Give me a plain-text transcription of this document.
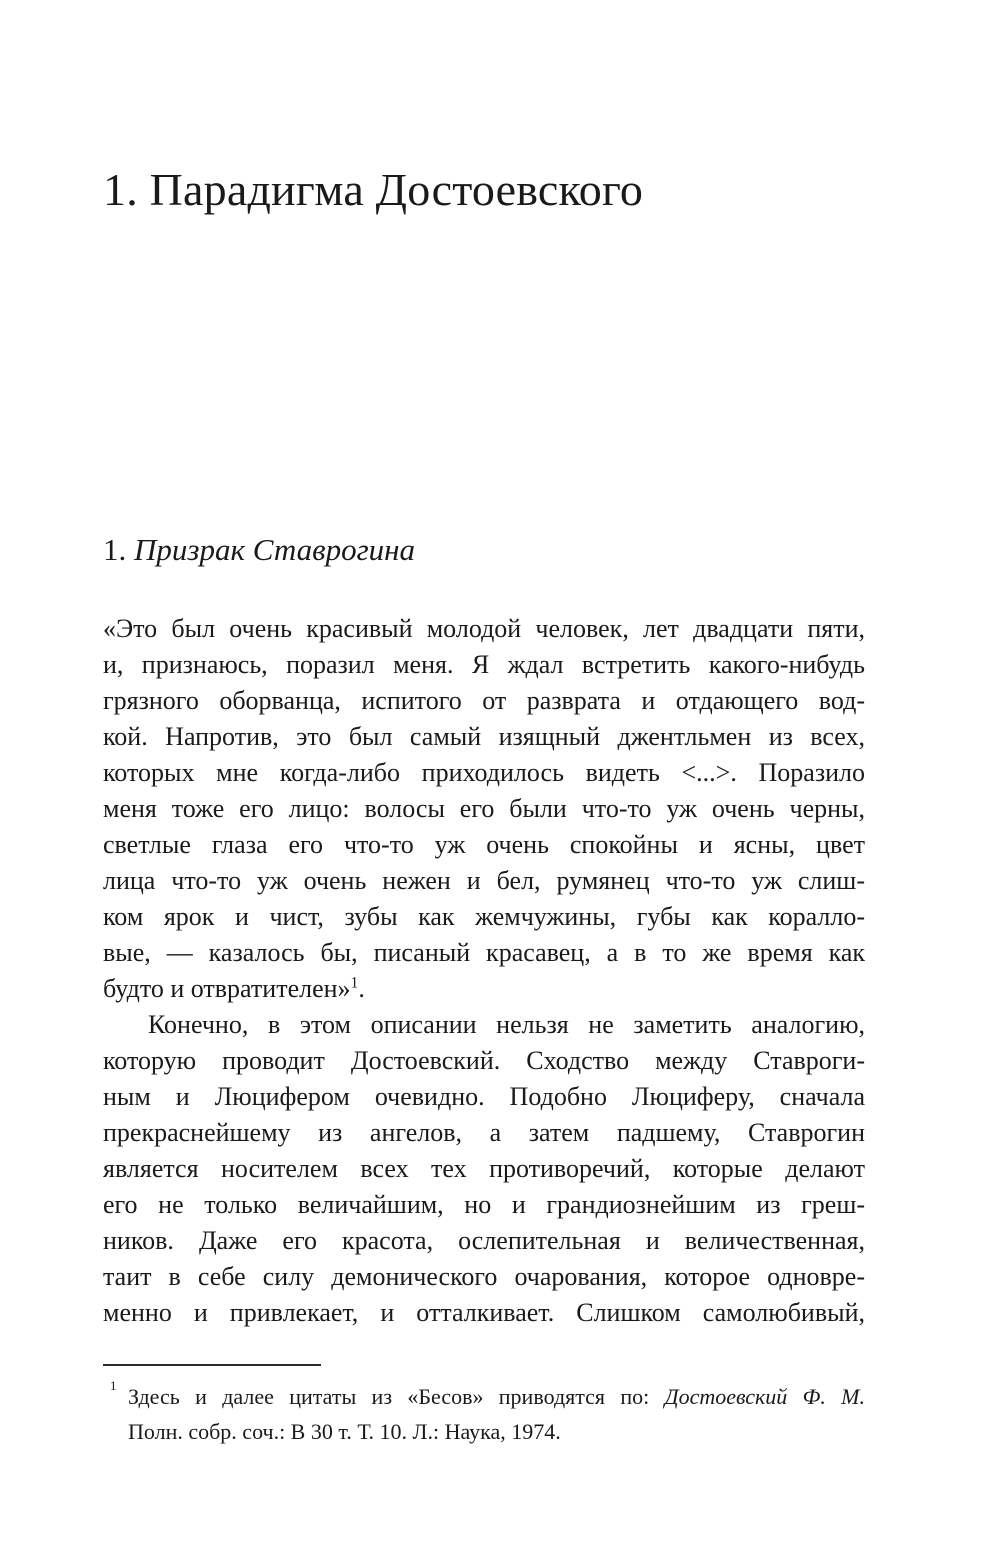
1. Парадигма Достоевского
1. Призрак Ставрогина
«Это был очень красивый молодой человек, лет двадцати пяти,
и, признаюсь, поразил меня. Я ждал встретить какого-нибудь
грязного оборванца, испитого от разврата и отдающего вод-
кой. Напротив, это был самый изящный джентльмен из всех,
которых мне когда-либо приходилось видеть <...>. Поразило
меня тоже его лицо: волосы его были что-то уж очень черны,
светлые глаза его что-то уж очень спокойны и ясны, цвет
лица что-то уж очень нежен и бел, румянец что-то уж слиш-
ком ярок и чист, зубы как жемчужины, губы как коралло-
вые, — казалось бы, писаный красавец, а в то же время как
будто и отвратителен»$^1$.
Конечно, в этом описании нельзя не заметить аналогию,
которую проводит Достоевский. Сходство между Ставроги-
ным и Люцифером очевидно. Подобно Люциферу, сначала
прекраснейшему из ангелов, а затем падшему, Ставрогин
является носителем всех тех противоречий, которые делают
его не только величайшим, но и грандиознейшим из греш-
ников. Даже его красота, ослепительная и величественная,
таит в себе силу демонического очарования, которое одновре-
менно и привлекает, и отталкивает. Слишком самолюбивый,
1 Здесь и далее цитаты из «Бесов» приводятся по: Достоевский Ф. М.
Полн. собр. соч.: В 30 т. Т. 10. Л.: Наука, 1974.
